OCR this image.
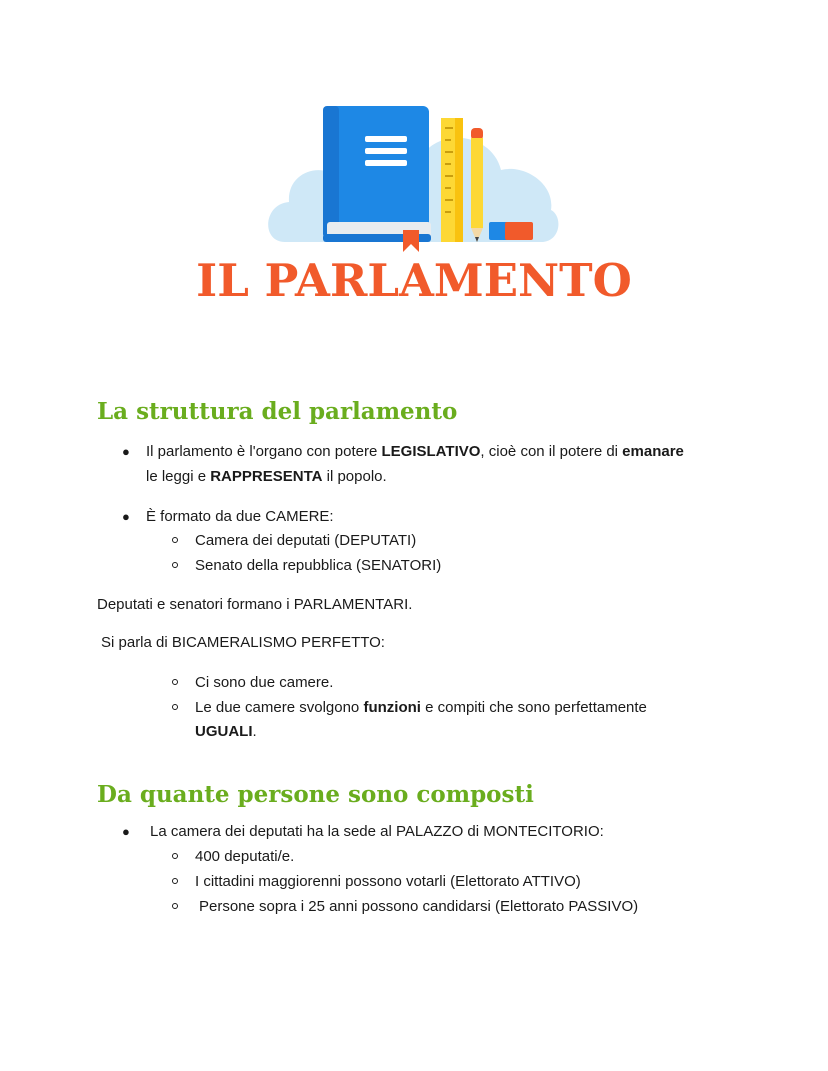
IL PARLAMENTO
La struttura del parlamento
● Il parlamento è l'organo con potere LEGISLATIVO, cioè con il potere di emanare

le leggi e RAPPRESENTA il popolo.

● È formato da due CAMERE:

Camera dei deputati (DEPUTATI)

Senato della repubblica (SENATORI)

Deputati e senatori formano i PARLAMENTARI.

Si parla di BICAMERALISMO PERFETTO:

Ci sono due camere.

Le due camere svolgono funzioni e compiti che sono perfettamente

UGUALI.

Da quante persone sono composti
● La camera dei deputati ha la sede al PALAZZO di MONTECITORIO:

400 deputati/e.

I cittadini maggiorenni possono votarli (Elettorato ATTIVO)

Persone sopra i 25 anni possono candidarsi (Elettorato PASSIVO)
